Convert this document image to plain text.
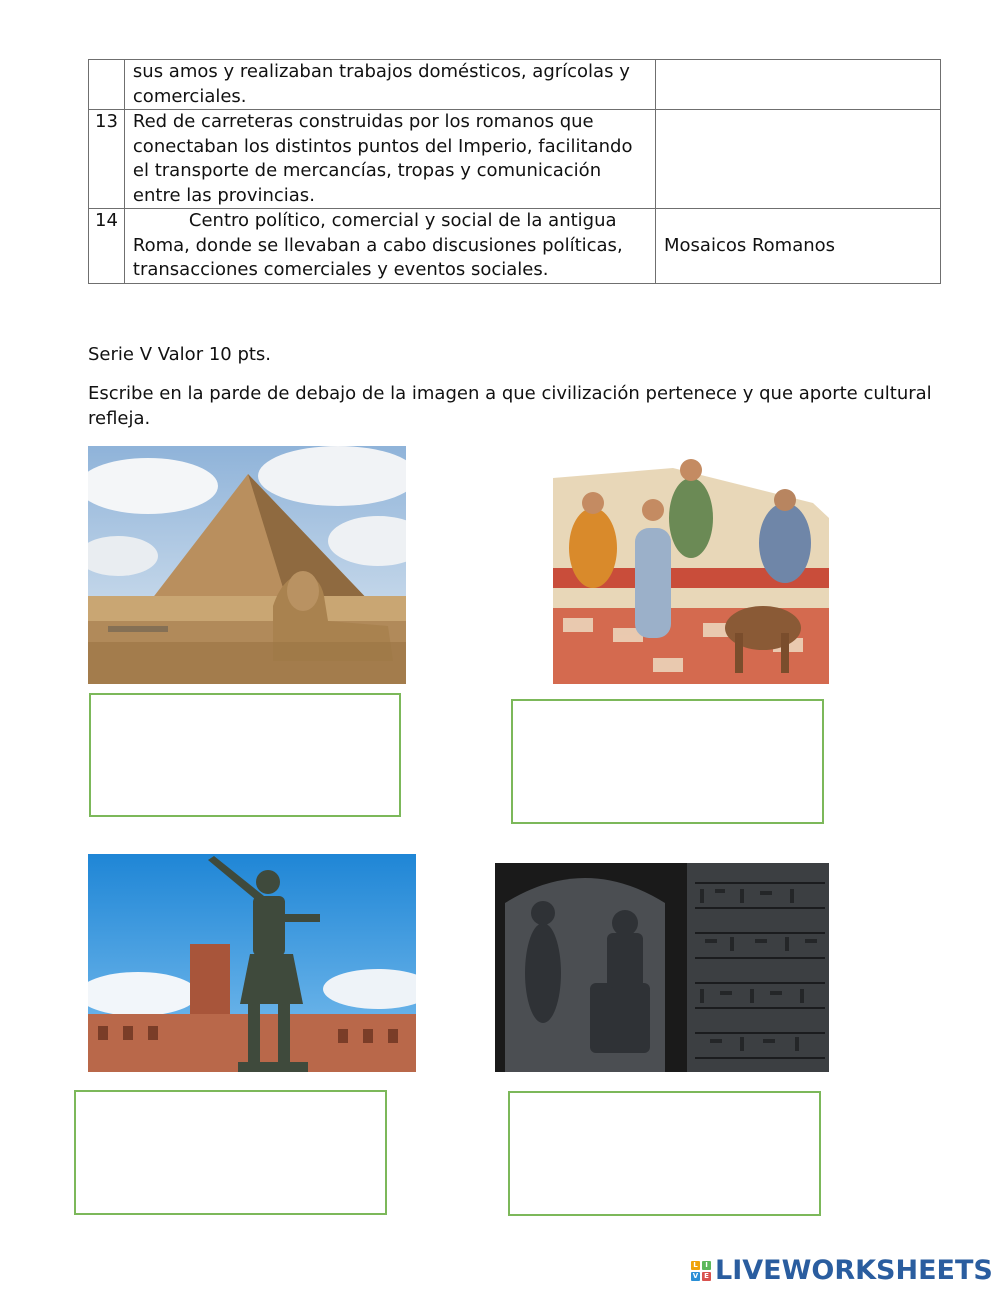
	sus amos y realizaban trabajos domésticos, agrícolas y comerciales.	
13	Red de carreteras construidas por los romanos que conectaban los distintos puntos del Imperio, facilitando el transporte de mercancías, tropas y comunicación entre las provincias.	
14	Centro político, comercial y social de la antigua Roma, donde se llevaban a cabo discusiones políticas, transacciones comerciales y eventos sociales.	Mosaicos Romanos

Serie V Valor 10 pts.

Escribe en la parde de debajo de la imagen a que civilización pertenece y que aporte cultural refleja.

L	I
V E LIVEWORKSHEETS
